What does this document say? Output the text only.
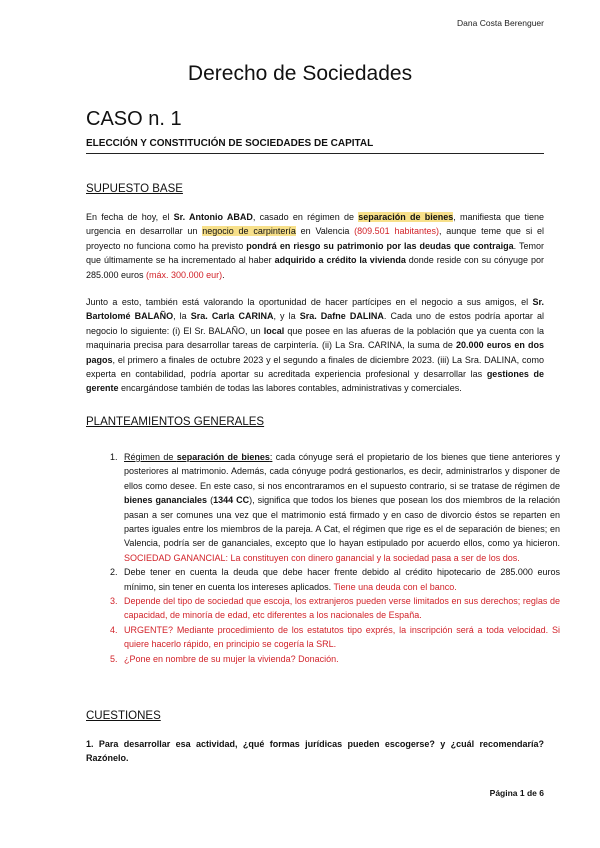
Dana Costa Berenguer
Derecho de Sociedades
CASO n. 1
ELECCIÓN Y CONSTITUCIÓN DE SOCIEDADES DE CAPITAL
SUPUESTO BASE
En fecha de hoy, el Sr. Antonio ABAD, casado en régimen de separación de bienes, manifiesta que tiene urgencia en desarrollar un negocio de carpintería en Valencia (809.501 habitantes), aunque teme que si el proyecto no funciona como ha previsto pondrá en riesgo su patrimonio por las deudas que contraiga. Temor que últimamente se ha incrementado al haber adquirido a crédito la vivienda donde reside con su cónyuge por 285.000 euros (máx. 300.000 eur).
Junto a esto, también está valorando la oportunidad de hacer partícipes en el negocio a sus amigos, el Sr. Bartolomé BALAÑO, la Sra. Carla CARINA, y la Sra. Dafne DALINA. Cada uno de estos podría aportar al negocio lo siguiente: (i) El Sr. BALAÑO, un local que posee en las afueras de la población que ya cuenta con la maquinaria precisa para desarrollar tareas de carpintería. (ii) La Sra. CARINA, la suma de 20.000 euros en dos pagos, el primero a finales de octubre 2023 y el segundo a finales de diciembre 2023. (iii) La Sra. DALINA, como experta en contabilidad, podría aportar su acreditada experiencia profesional y desarrollar las gestiones de gerente encargándose también de todas las labores contables, administrativas y comerciales.
PLANTEAMIENTOS GENERALES
1. Régimen de separación de bienes: cada cónyuge será el propietario de los bienes que tiene anteriores y posteriores al matrimonio. Además, cada cónyuge podrá gestionarlos, es decir, administrarlos y disponer de ellos como desee. En este caso, si nos encontraramos en el supuesto contrario, si se tratase de régimen de bienes gananciales (1344 CC), significa que todos los bienes que posean los dos miembros de la relación pasan a ser comunes una vez que el matrimonio está firmado y en caso de divorcio éstos se reparten en partes iguales entre los miembros de la pareja. A Cat, el régimen que rige es el de separación de bienes; en Valencia, podría ser de gananciales, excepto que lo hayan estipulado por acuerdo ellos, como ya hicieron. SOCIEDAD GANANCIAL: La constituyen con dinero ganancial y la sociedad pasa a ser de los dos.
2. Debe tener en cuenta la deuda que debe hacer frente debido al crédito hipotecario de 285.000 euros mínimo, sin tener en cuenta los intereses aplicados. Tiene una deuda con el banco.
3. Depende del tipo de sociedad que escoja, los extranjeros pueden verse limitados en sus derechos; reglas de capacidad, de minoría de edad, etc diferentes a los nacionales de España.
4. URGENTE? Mediante procedimiento de los estatutos tipo exprés, la inscripción será a toda velocidad. Si quiere hacerlo rápido, en principio se cogería la SRL.
5. ¿Pone en nombre de su mujer la vivienda? Donación.
CUESTIONES
1. Para desarrollar esa actividad, ¿qué formas jurídicas pueden escogerse? y ¿cuál recomendaría? Razónelo.
Página 1 de 6
